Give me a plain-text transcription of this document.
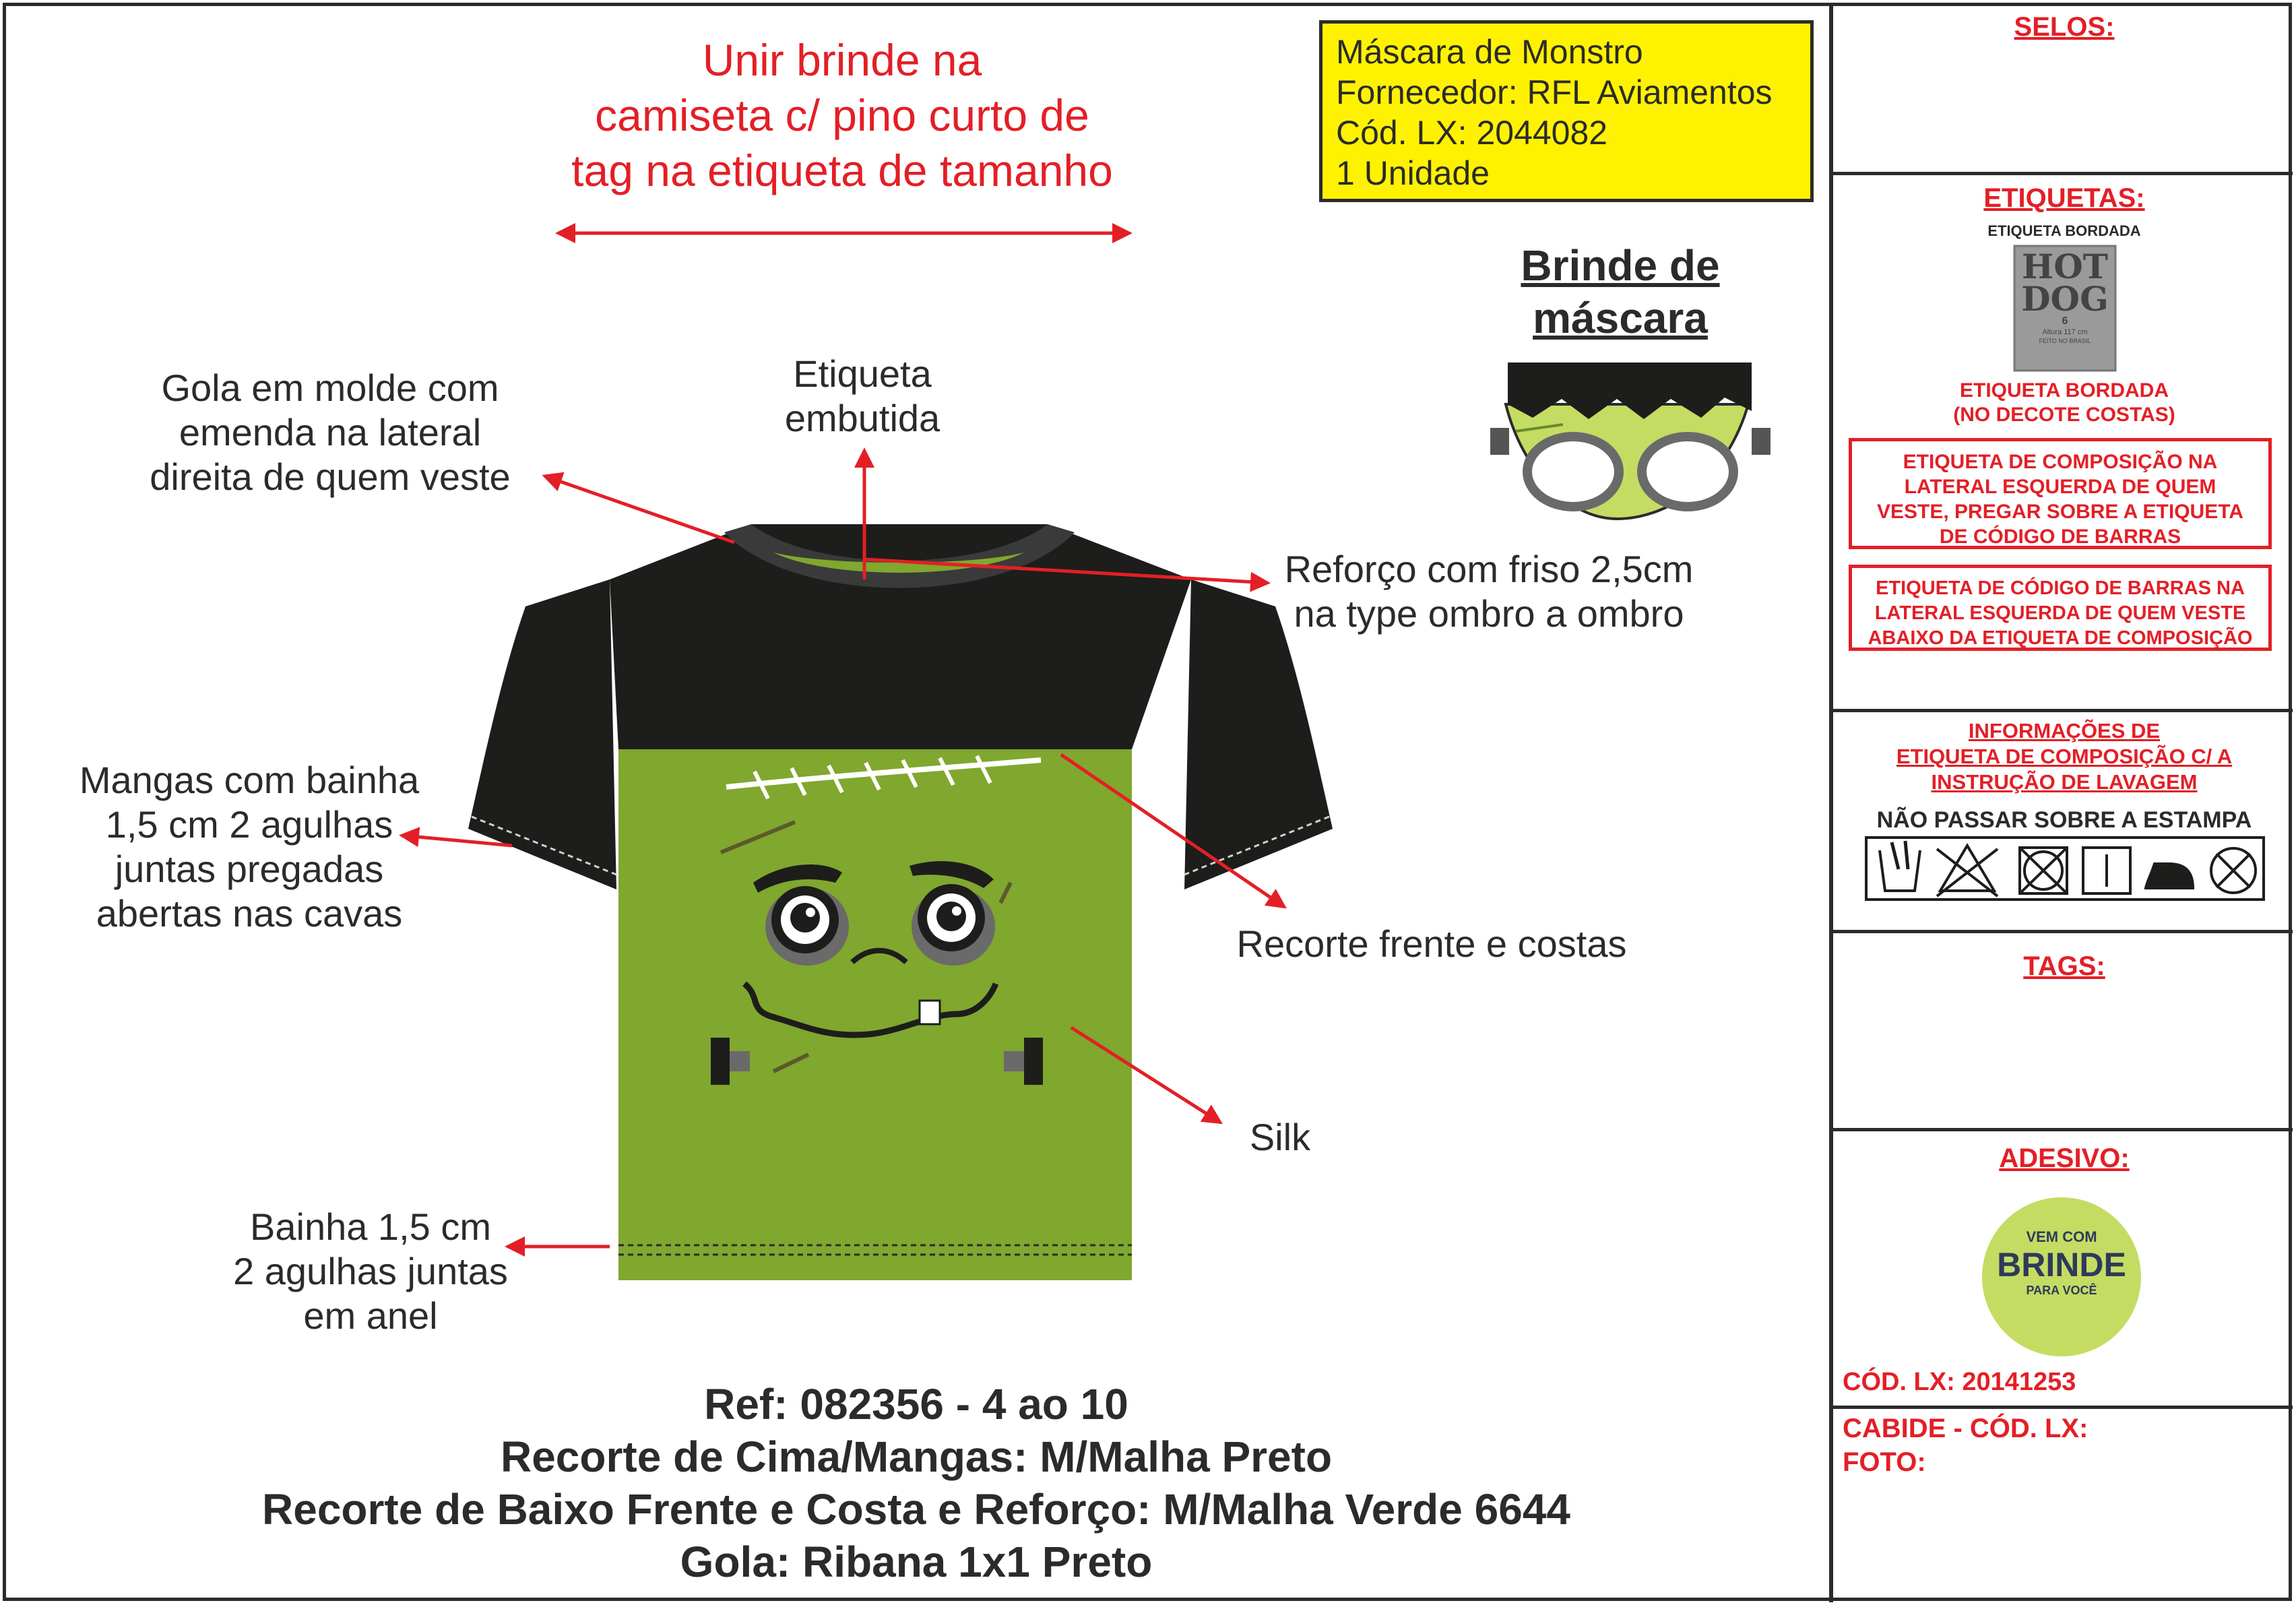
Unir brinde na
camiseta c/ pino curto de
tag na etiqueta de tamanho
Máscara de Monstro
Fornecedor: RFL Aviamentos
Cód. LX: 2044082
1 Unidade
Brinde de
máscara
Gola em molde com
emenda na lateral
direita de quem veste
Etiqueta
embutida
Reforço com friso 2,5cm
na type ombro a ombro
Mangas com bainha
1,5 cm 2 agulhas
juntas pregadas
abertas nas cavas
Recorte frente e costas
Silk
Bainha 1,5 cm
2 agulhas juntas
em anel
Ref: 082356 - 4 ao 10
Recorte de Cima/Mangas: M/Malha Preto
Recorte de Baixo Frente e Costa e Reforço: M/Malha Verde 6644
Gola: Ribana 1x1 Preto
SELOS:
ETIQUETAS:
ETIQUETA BORDADA
HOT
DOG
6
Altura 117 cm
FEITO NO BRASIL
ETIQUETA BORDADA
(NO DECOTE COSTAS)
ETIQUETA DE COMPOSIÇÃO NA
LATERAL ESQUERDA DE QUEM
VESTE, PREGAR SOBRE A ETIQUETA
DE CÓDIGO DE BARRAS
ETIQUETA DE CÓDIGO DE BARRAS NA
LATERAL ESQUERDA DE QUEM VESTE
ABAIXO DA ETIQUETA DE COMPOSIÇÃO
INFORMAÇÕES DE
ETIQUETA DE COMPOSIÇÃO C/ A
INSTRUÇÃO DE LAVAGEM
NÃO PASSAR SOBRE A ESTAMPA
TAGS:
ADESIVO:
VEM COM
BRINDE
PARA VOCÊ
CÓD. LX: 20141253
CABIDE - CÓD. LX:
FOTO:
